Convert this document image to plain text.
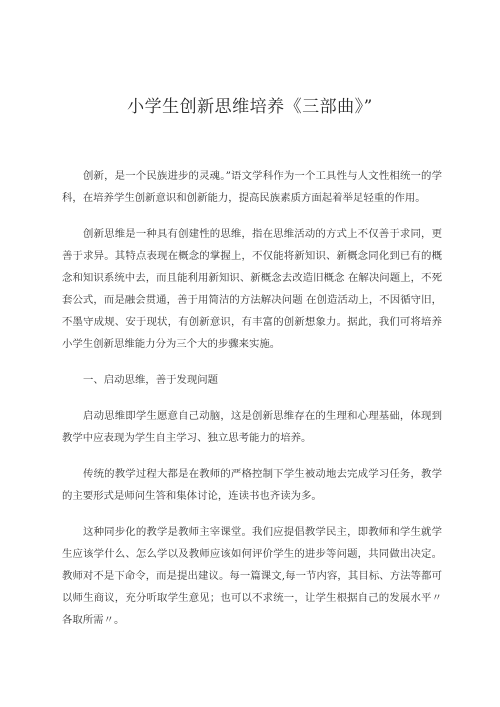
小学生创新思维培养《三部曲》”

创新，是一个民族进步的灵魂。”语文学科作为一个工具性与人文性相统一的学科，在培养学生创新意识和创新能力，提高民族素质方面起着举足轻重的作用。

创新思维是一种具有创建性的思维，指在思维活动的方式上不仅善于求同，更善于求异。其特点表现在概念的掌握上，不仅能将新知识、新概念同化到已有的概念和知识系统中去，而且能利用新知识、新概念去改造旧概念 在解决问题上，不死套公式，而是融会贯通，善于用简洁的方法解决问题 在创造活动上，不因循守旧，不墨守成规、安于现状，有创新意识，有丰富的创新想象力。据此，我们可将培养小学生创新思维能力分为三个大的步骤来实施。

一、启动思维，善于发现问题

启动思维即学生愿意自己动脑，这是创新思维存在的生理和心理基础，体现到教学中应表现为学生自主学习、独立思考能力的培养。

传统的教学过程大都是在教师的严格控制下学生被动地去完成学习任务，教学的主要形式是师问生答和集体讨论，连读书也齐读为多。

这种同步化的教学是教师主宰课堂。我们应提倡教学民主，即教师和学生就学生应该学什么、怎么学以及教师应该如何评价学生的进步等问题，共同做出决定。教师对不是下命令，而是提出建议。每一篇课文,每一节内容，其目标、方法等都可以师生商议，充分听取学生意见；也可以不求统一，让学生根据自己的发展水平〃各取所需〃。
